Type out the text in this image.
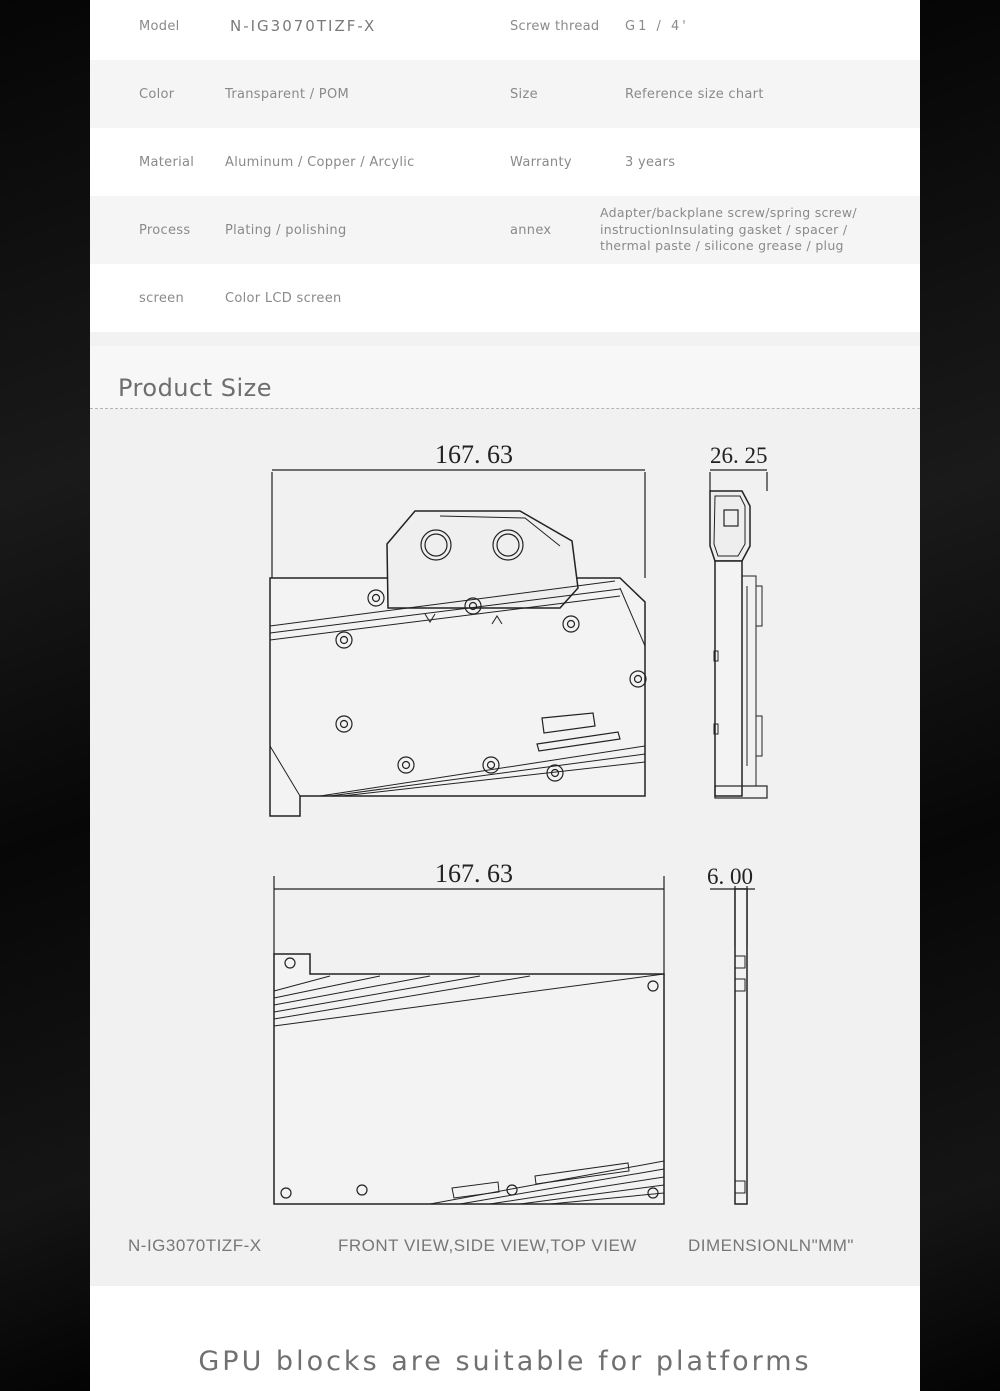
Model	N-IG3070TIZF-X	Screw thread G1 / 4'
Color	Transparent / POM	Size	Reference size chart
Material Aluminum / Copper / Arcylic	Warranty	3 years
Process	Plating / polishing	annex
Adapter/backplane screw/spring screw/
instructionInsulating gasket / spacer /
thermal paste / silicone grease / plug
screen	Color LCD screen
Product Size
167. 63	26. 25
167. 63	6. 00
N-IG3070TIZF-X	FRONT VIEW,SIDE VIEW,TOP VIEW	DIMENSIONLN"MM"
GPU blocks are suitable for platforms
